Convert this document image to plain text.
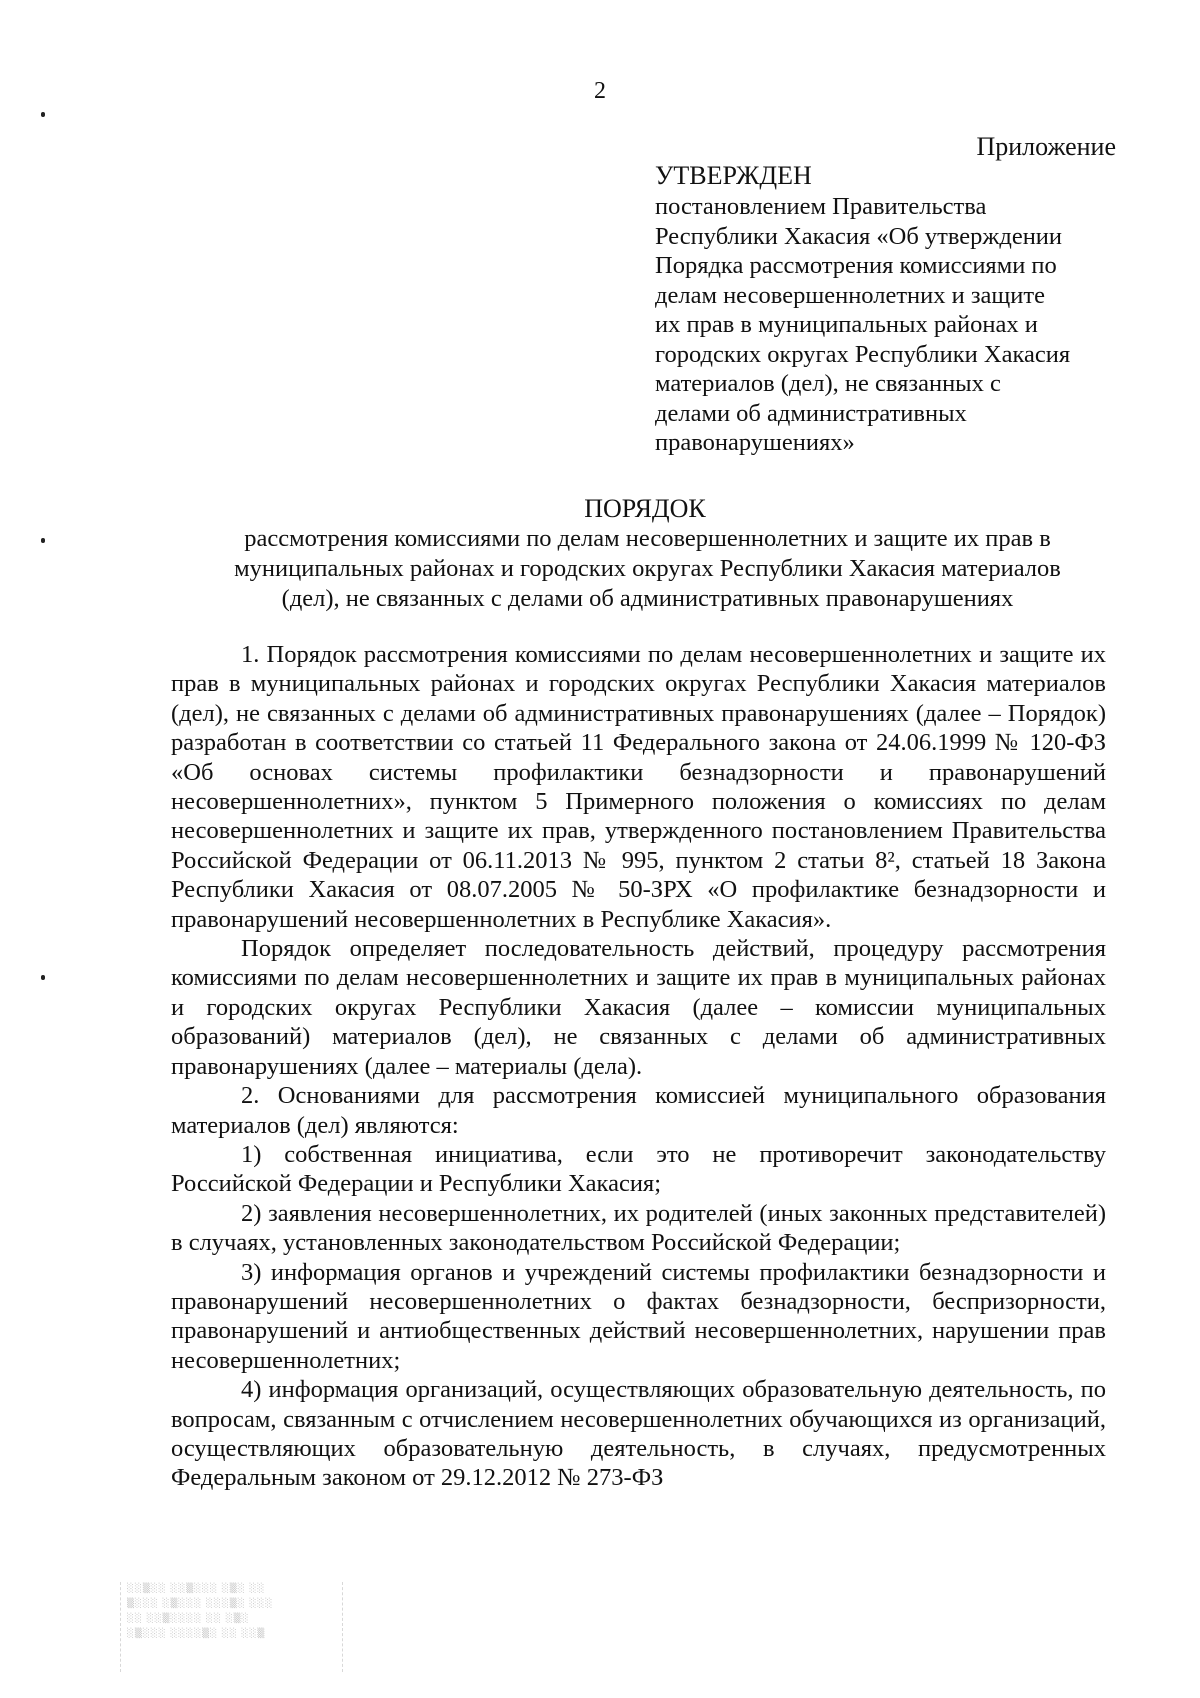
2
Приложение
УТВЕРЖДЕН
постановлением Правительства
Республики Хакасия «Об утверждении
Порядка рассмотрения комиссиями по
делам несовершеннолетних и защите
их прав в муниципальных районах и
городских округах Республики Хакасия
материалов (дел), не связанных с
делами об административных
правонарушениях»
ПОРЯДОК
рассмотрения комиссиями по делам несовершеннолетних и защите их прав в
муниципальных районах и городских округах Республики Хакасия материалов
(дел), не связанных с делами об административных правонарушениях

1. Порядок рассмотрения комиссиями по делам несовершеннолетних и защите их прав в муниципальных районах и городских округах Республики Хакасия материалов (дел), не связанных с делами об административных правонарушениях (далее – Порядок) разработан в соответствии со статьей 11 Федерального закона от 24.06.1999 № 120-ФЗ «Об основах системы профилактики безнадзорности и правонарушений несовершеннолетних», пунктом 5 Примерного положения о комиссиях по делам несовершеннолетних и защите их прав, утвержденного постановлением Правительства Российской Федерации от 06.11.2013 № 995, пунктом 2 статьи 8², статьей 18 Закона Республики Хакасия от 08.07.2005 № 50-ЗРХ «О профилактике безнадзорности и правонарушений несовершеннолетних в Республике Хакасия».

Порядок определяет последовательность действий, процедуру рассмотрения комиссиями по делам несовершеннолетних и защите их прав в муниципальных районах и городских округах Республики Хакасия (далее – комиссии муниципальных образований) материалов (дел), не связанных с делами об административных правонарушениях (далее – материалы (дела).

2. Основаниями для рассмотрения комиссией муниципального образования материалов (дел) являются:

1) собственная инициатива, если это не противоречит законодательству Российской Федерации и Республики Хакасия;

2) заявления несовершеннолетних, их родителей (иных законных представителей) в случаях, установленных законодательством Российской Федерации;

3) информация органов и учреждений системы профилактики безнадзорности и правонарушений несовершеннолетних о фактах безнадзорности, беспризорности, правонарушений и антиобщественных действий несовершеннолетних, нарушении прав несовершеннолетних;

4) информация организаций, осуществляющих образовательную деятельность, по вопросам, связанным с отчислением несовершеннолетних обучающихся из организаций, осуществляющих образовательную деятельность, в случаях, предусмотренных Федеральным законом от 29.12.2012 № 273-ФЗ

░░▒░░ ░░▒░░░ ░▒░ ░░
▒░░░ ░▒░░░ ░░░▒░ ░░░
░░ ░░▒░░░░ ░░ ░▒░
░▒░░░ ░░░░▒░ ░░ ░░▒
